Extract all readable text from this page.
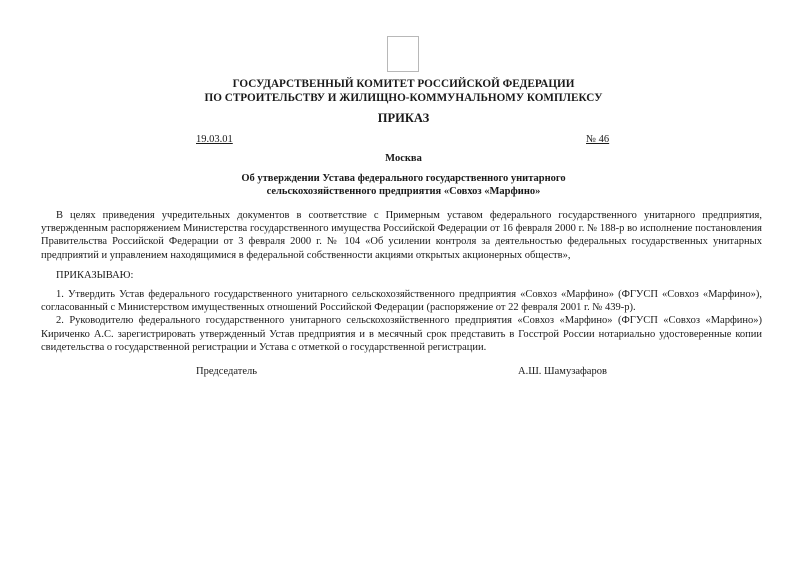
ГОСУДАРСТВЕННЫЙ КОМИТЕТ РОССИЙСКОЙ ФЕДЕРАЦИИ
ПО СТРОИТЕЛЬСТВУ И ЖИЛИЩНО-КОММУНАЛЬНОМУ КОМПЛЕКСУ
ПРИКАЗ
19.03.01	№ 46
Москва
Об утверждении Устава федерального государственного унитарного
сельскохозяйственного предприятия «Совхоз «Марфино»

В целях приведения учредительных документов в соответствие с Примерным уставом федерального государственного унитарного предприятия, утвержденным распоряжением Министерства государственного имущества Российской Федерации от 16 февраля 2000 г. № 188-р во исполнение постановления Правительства Российской Федерации от 3 февраля 2000 г. № 104 «Об усилении контроля за деятельностью федеральных государственных унитарных предприятий и управлением находящимися в федеральной собственности акциями открытых акционерных обществ»,

ПРИКАЗЫВАЮ:

1. Утвердить Устав федерального государственного унитарного сельскохозяйственного предприятия «Совхоз «Марфино» (ФГУСП «Совхоз «Марфино»), согласованный с Министерством имущественных отношений Российской Федерации (распоряжение от 22 февраля 2001 г. № 439-р).

2. Руководителю федерального государственного унитарного сельскохозяйственного предприятия «Совхоз «Марфино» (ФГУСП «Совхоз «Марфино») Кириченко А.С. зарегистрировать утвержденный Устав предприятия и в месячный срок представить в Госстрой России нотариально удостоверенные копии свидетельства о государственной регистрации и Устава с отметкой о государственной регистрации.

Председатель	А.Ш. Шамузафаров
